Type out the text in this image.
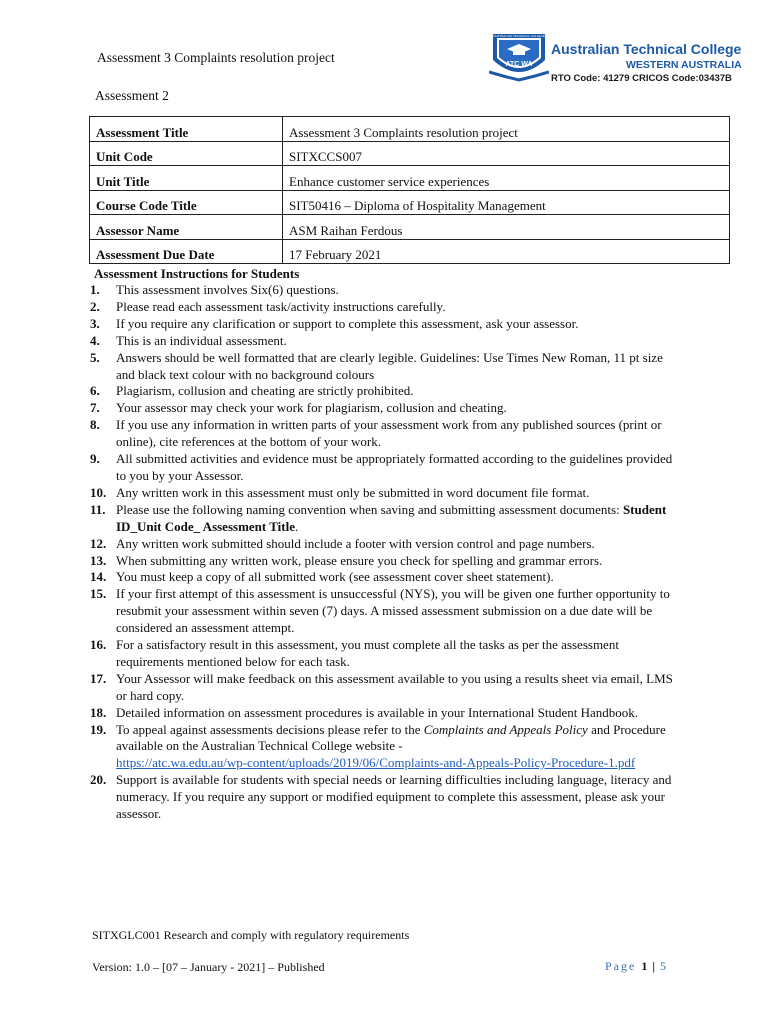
Assessment 3 Complaints resolution project
AUSTRALIAN TECHNICAL COLLEGE
ATC WA
Australian Technical College
WESTERN AUSTRALIA
RTO Code: 41279 CRICOS Code:03437B
Assessment 2
Assessment Title	Assessment 3 Complaints resolution project
Unit Code	SITXCCS007
Unit Title	Enhance customer service experiences
Course Code Title	SIT50416 – Diploma of Hospitality Management
Assessor Name	ASM Raihan Ferdous
Assessment Due Date	17 February 2021
Assessment Instructions for Students
1. This assessment involves Six(6) questions.
2. Please read each assessment task/activity instructions carefully.
3. If you require any clarification or support to complete this assessment, ask your assessor.
4. This is an individual assessment.
5. Answers should be well formatted that are clearly legible. Guidelines: Use Times New Roman, 11 pt size and black text colour with no background colours
6. Plagiarism, collusion and cheating are strictly prohibited.
7. Your assessor may check your work for plagiarism, collusion and cheating.
8. If you use any information in written parts of your assessment work from any published sources (print or online), cite references at the bottom of your work.
9. All submitted activities and evidence must be appropriately formatted according to the guidelines provided to you by your Assessor.
10. Any written work in this assessment must only be submitted in word document file format.
11. Please use the following naming convention when saving and submitting assessment documents: Student ID_Unit Code_ Assessment Title.
12. Any written work submitted should include a footer with version control and page numbers.
13. When submitting any written work, please ensure you check for spelling and grammar errors.
14. You must keep a copy of all submitted work (see assessment cover sheet statement).
15. If your first attempt of this assessment is unsuccessful (NYS), you will be given one further opportunity to resubmit your assessment within seven (7) days. A missed assessment submission on a due date will be considered an assessment attempt.
16. For a satisfactory result in this assessment, you must complete all the tasks as per the assessment requirements mentioned below for each task.
17. Your Assessor will make feedback on this assessment available to you using a results sheet via email, LMS or hard copy.
18. Detailed information on assessment procedures is available in your International Student Handbook.
19. To appeal against assessments decisions please refer to the Complaints and Appeals Policy and Procedure available on the Australian Technical College website -
https://atc.wa.edu.au/wp-content/uploads/2019/06/Complaints-and-Appeals-Policy-Procedure-1.pdf
20. Support is available for students with special needs or learning difficulties including language, literacy and numeracy. If you require any support or modified equipment to complete this assessment, please ask your assessor.
SITXGLC001 Research and comply with regulatory requirements
Version: 1.0 – [07 – January - 2021] – Published	Page 1 | 5
